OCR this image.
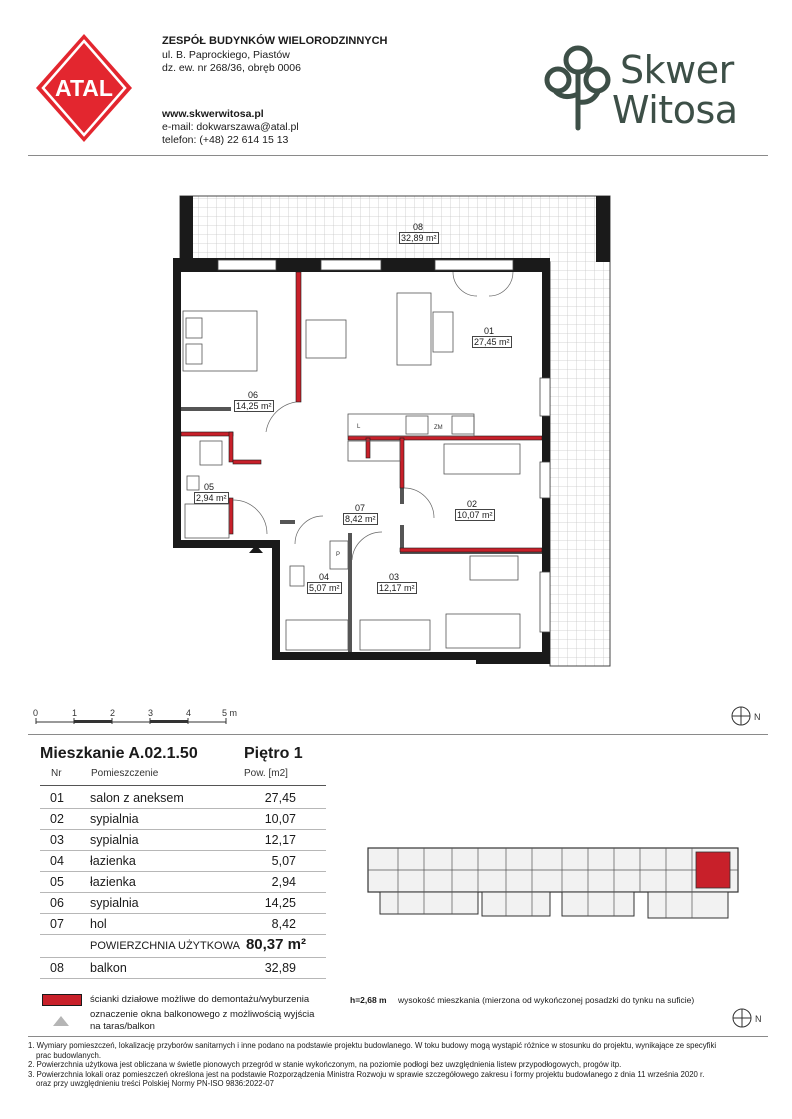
ATAL
ZESPÓŁ BUDYNKÓW WIELORODZINNYCH
ul. B. Paprockiego, Piastów
dz. ew. nr 268/36, obręb 0006
www.skwerwitosa.pl
e-mail: dokwarszawa@atal.pl
telefon: (+48) 22 614 15 13
Skwer
Witosa
L	ZM
P
08
32,89 m²
01
27,45 m²
06
14,25 m²
05
2,94 m²
07
8,42 m²
02
10,07 m²
04
5,07 m²
03
12,17 m²
0	1	2	3	4	5 m	N
Mieszkanie A.02.1.50	Piętro 1
Nr	Pomieszczenie	Pow. [m2]
01 salon z aneksem	27,45
02 sypialnia	10,07
03 sypialnia	12,17
04 łazienka	5,07
05 łazienka	2,94
06 sypialnia	14,25
07 hol	8,42
POWIERZCHNIA UŻYTKOWA 80,37 m²
08 balkon	32,89
ścianki działowe możliwe do demontażu/wyburzenia
oznaczenie okna balkonowego z możliwością wyjścia
na taras/balkon
h=2,68 m wysokość mieszkania (mierzona od wykończonej posadzki do tynku na suficie)
N
1. Wymiary pomieszczeń, lokalizację przyborów sanitarnych i inne podano na podstawie projektu budowlanego. W toku budowy mogą wystąpić różnice w stosunku do projektu, wynikające ze specyfiki
prac budowlanych.
2. Powierzchnia użytkowa jest obliczana w świetle pionowych przegród w stanie wykończonym, na poziomie podłogi bez uwzględnienia listew przypodłogowych, progów itp.
3. Powierzchnia lokali oraz pomieszczeń określona jest na podstawie Rozporządzenia Ministra Rozwoju w sprawie szczegółowego zakresu i formy projektu budowlanego z dnia 11 września 2020 r.
oraz przy uwzględnieniu treści Polskiej Normy PN-ISO 9836:2022-07
